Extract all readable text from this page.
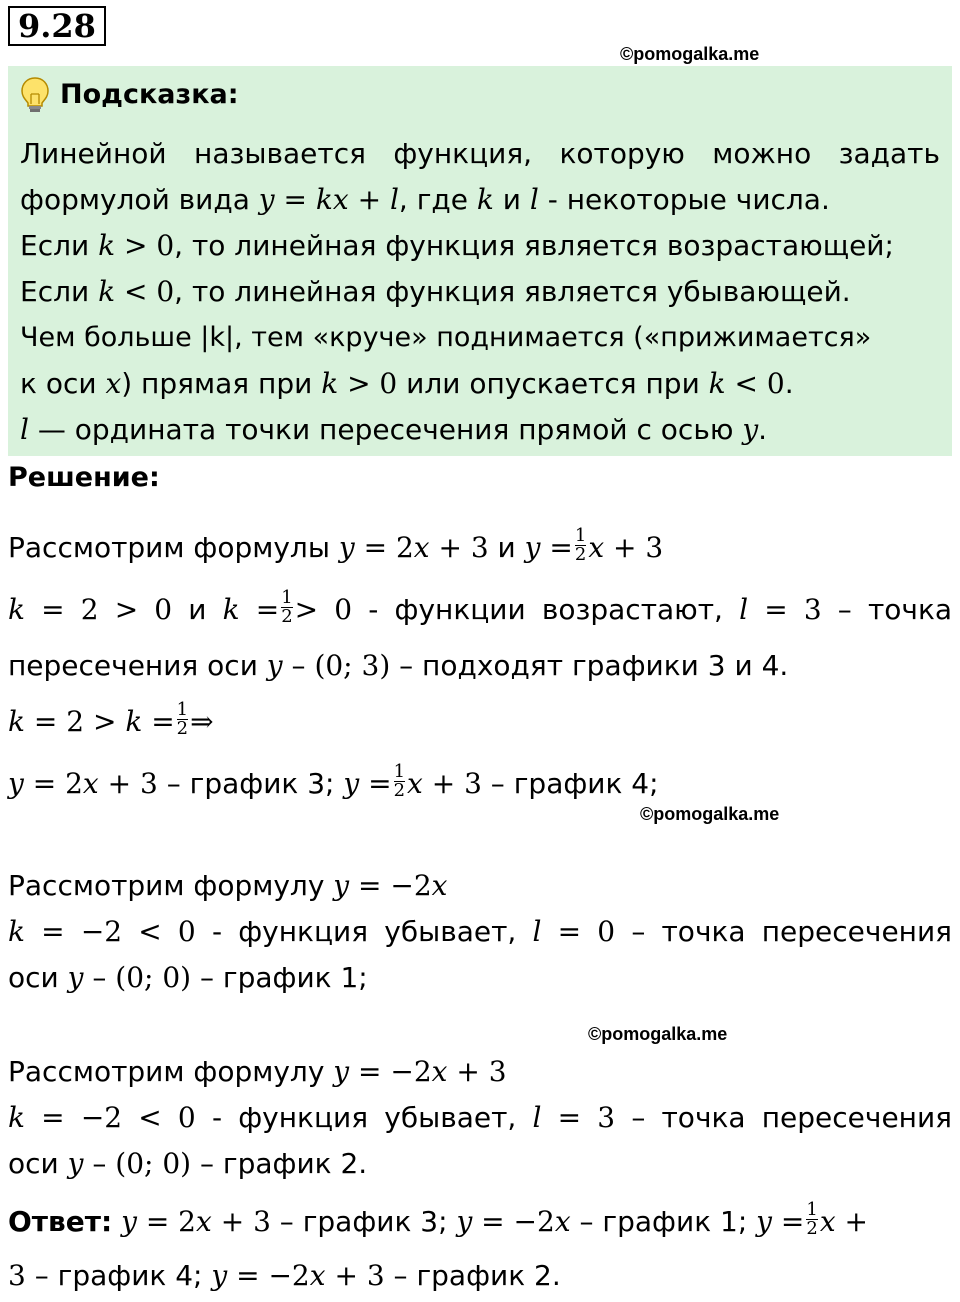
9.28
©pomogalka.me
Подсказка:
Линейной называется функция, которую можно задать
формулой вида y = kx + l, где k и l - некоторые числа.
Если k > 0, то линейная функция является возрастающей;
Если k < 0, то линейная функция является убывающей.
Чем больше |k|, тем «круче» поднимается («прижимается»
к оси x) прямая при k > 0 или опускается при k < 0.
l — ордината точки пересечения прямой с осью y.
Решение:
Рассмотрим формулы y = 2x + 3 и $y = \frac{1}{2}$ x + 3
k = 2 > 0 и $k = \frac{1}{2} > 0$ - функции возрастают, l = 3 – точка
пересечения оси y – (0; 3) – подходят графики 3 и 4.
$k = 2 > k = \frac{1}{2}$ ⇒
y = 2x + 3 – график 3; $y = \frac{1}{2}$ x + 3 – график 4;
©pomogalka.me
Рассмотрим формулу y = −2x
k = −2 < 0 - функция убывает, l = 0 – точка пересечения
оси y – (0; 0) – график 1;
©pomogalka.me
Рассмотрим формулу y = −2x + 3
k = −2 < 0 - функция убывает, l = 3 – точка пересечения
оси y – (0; 0) – график 2.
Ответ: y = 2x + 3 – график 3; y = −2x – график 1; $y = \frac{1}{2}$ x +
3 – график 4; y = −2x + 3 – график 2.
